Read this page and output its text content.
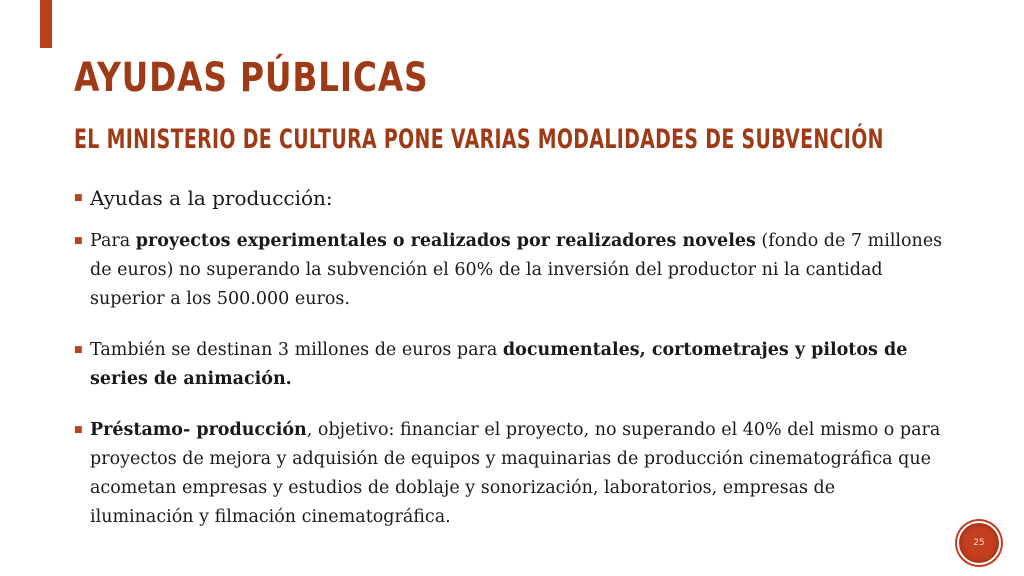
AYUDAS PÚBLICAS
EL MINISTERIO DE CULTURA PONE VARIAS MODALIDADES DE SUBVENCIÓN
■ Ayudas a la producción:
■ Para proyectos experimentales o realizados por realizadores noveles (fondo de 7 millones de euros) no superando la subvención el 60% de la inversión del productor ni la cantidad superior a los 500.000 euros.
■ También se destinan 3 millones de euros para documentales, cortometrajes y pilotos de series de animación.
■ Préstamo- producción, objetivo: financiar el proyecto, no superando el 40% del mismo o para proyectos de mejora y adquisión de equipos y maquinarias de producción cinematográfica que acometan empresas y estudios de doblaje y sonorización, laboratorios, empresas de iluminación y filmación cinematográfica.
25
